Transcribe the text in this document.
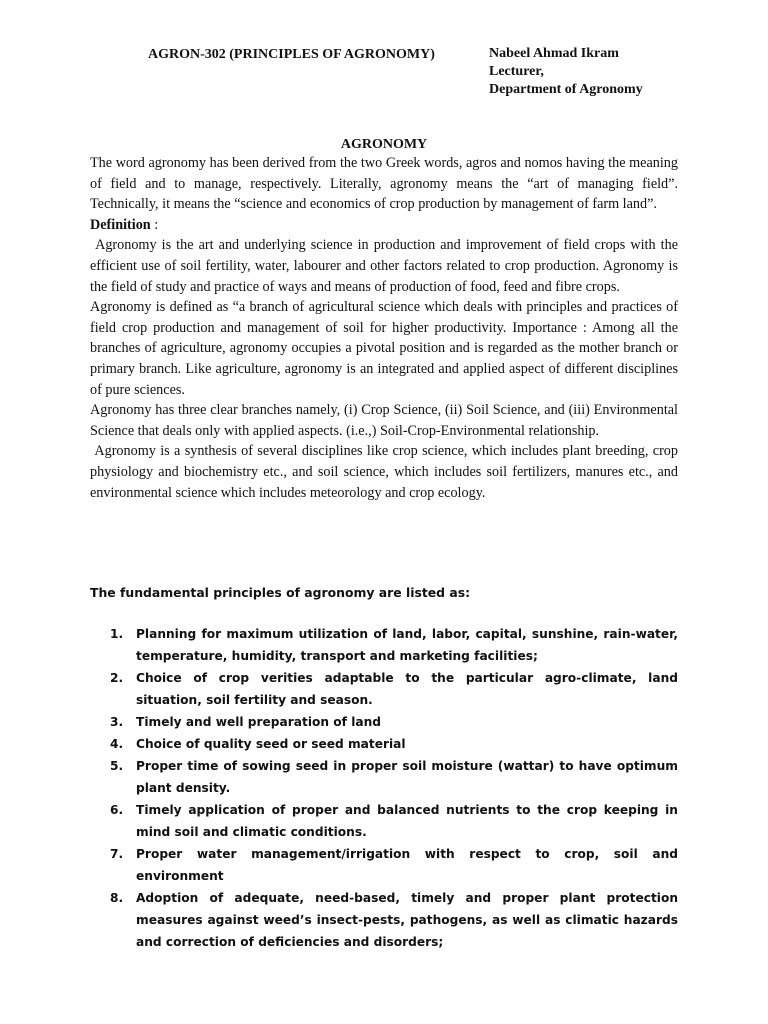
AGRON-302 (PRINCIPLES OF AGRONOMY)	Nabeel Ahmad Ikram
Lecturer,
Department of Agronomy
AGRONOMY

The word agronomy has been derived from the two Greek words, agros and nomos having the meaning of field and to manage, respectively. Literally, agronomy means the “art of managing field”. Technically, it means the “science and economics of crop production by management of farm land”.

Definition :

Agronomy is the art and underlying science in production and improvement of field crops with the efficient use of soil fertility, water, labourer and other factors related to crop production. Agronomy is the field of study and practice of ways and means of production of food, feed and fibre crops.

Agronomy is defined as “a branch of agricultural science which deals with principles and practices of field crop production and management of soil for higher productivity. Importance : Among all the branches of agriculture, agronomy occupies a pivotal position and is regarded as the mother branch or primary branch. Like agriculture, agronomy is an integrated and applied aspect of different disciplines of pure sciences.

Agronomy has three clear branches namely, (i) Crop Science, (ii) Soil Science, and (iii) Environmental Science that deals only with applied aspects. (i.e.,) Soil-Crop-Environmental relationship.

Agronomy is a synthesis of several disciplines like crop science, which includes plant breeding, crop physiology and biochemistry etc., and soil science, which includes soil fertilizers, manures etc., and environmental science which includes meteorology and crop ecology.

The fundamental principles of agronomy are listed as:
1. Planning for maximum utilization of land, labor, capital, sunshine, rain-water, temperature, humidity, transport and marketing facilities;
2. Choice of crop verities adaptable to the particular agro-climate, land situation, soil fertility and season.
3. Timely and well preparation of land
4. Choice of quality seed or seed material
5. Proper time of sowing seed in proper soil moisture (wattar) to have optimum plant density.
6. Timely application of proper and balanced nutrients to the crop keeping in mind soil and climatic conditions.
7. Proper water management/irrigation with respect to crop, soil and environment
8. Adoption of adequate, need-based, timely and proper plant protection measures against weed’s insect-pests, pathogens, as well as climatic hazards and correction of deficiencies and disorders;
